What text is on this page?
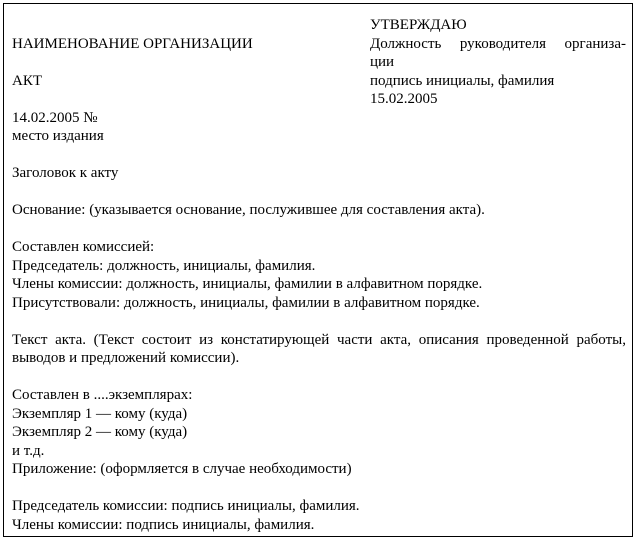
НАИМЕНОВАНИЕ ОРГАНИЗАЦИИ
АКТ
УТВЕРЖДАЮ
Должность руководителя организа-
ции
подпись инициалы, фамилия
15.02.2005
14.02.2005 №
место издания
Заголовок к акту
Основание: (указывается основание, послужившее для составления акта).
Составлен комиссией:
Председатель: должность, инициалы, фамилия.
Члены комиссии: должность, инициалы, фамилии в алфавитном порядке.
Присутствовали: должность, инициалы, фамилии в алфавитном порядке.
Текст акта. (Текст состоит из констатирующей части акта, описания проведенной работы, выводов и предложений комиссии).
Составлен в ....экземплярах:
Экземпляр 1 — кому (куда)
Экземпляр 2 — кому (куда)
и т.д.
Приложение: (оформляется в случае необходимости)
Председатель комиссии: подпись инициалы, фамилия.
Члены комиссии: подпись инициалы, фамилия.
